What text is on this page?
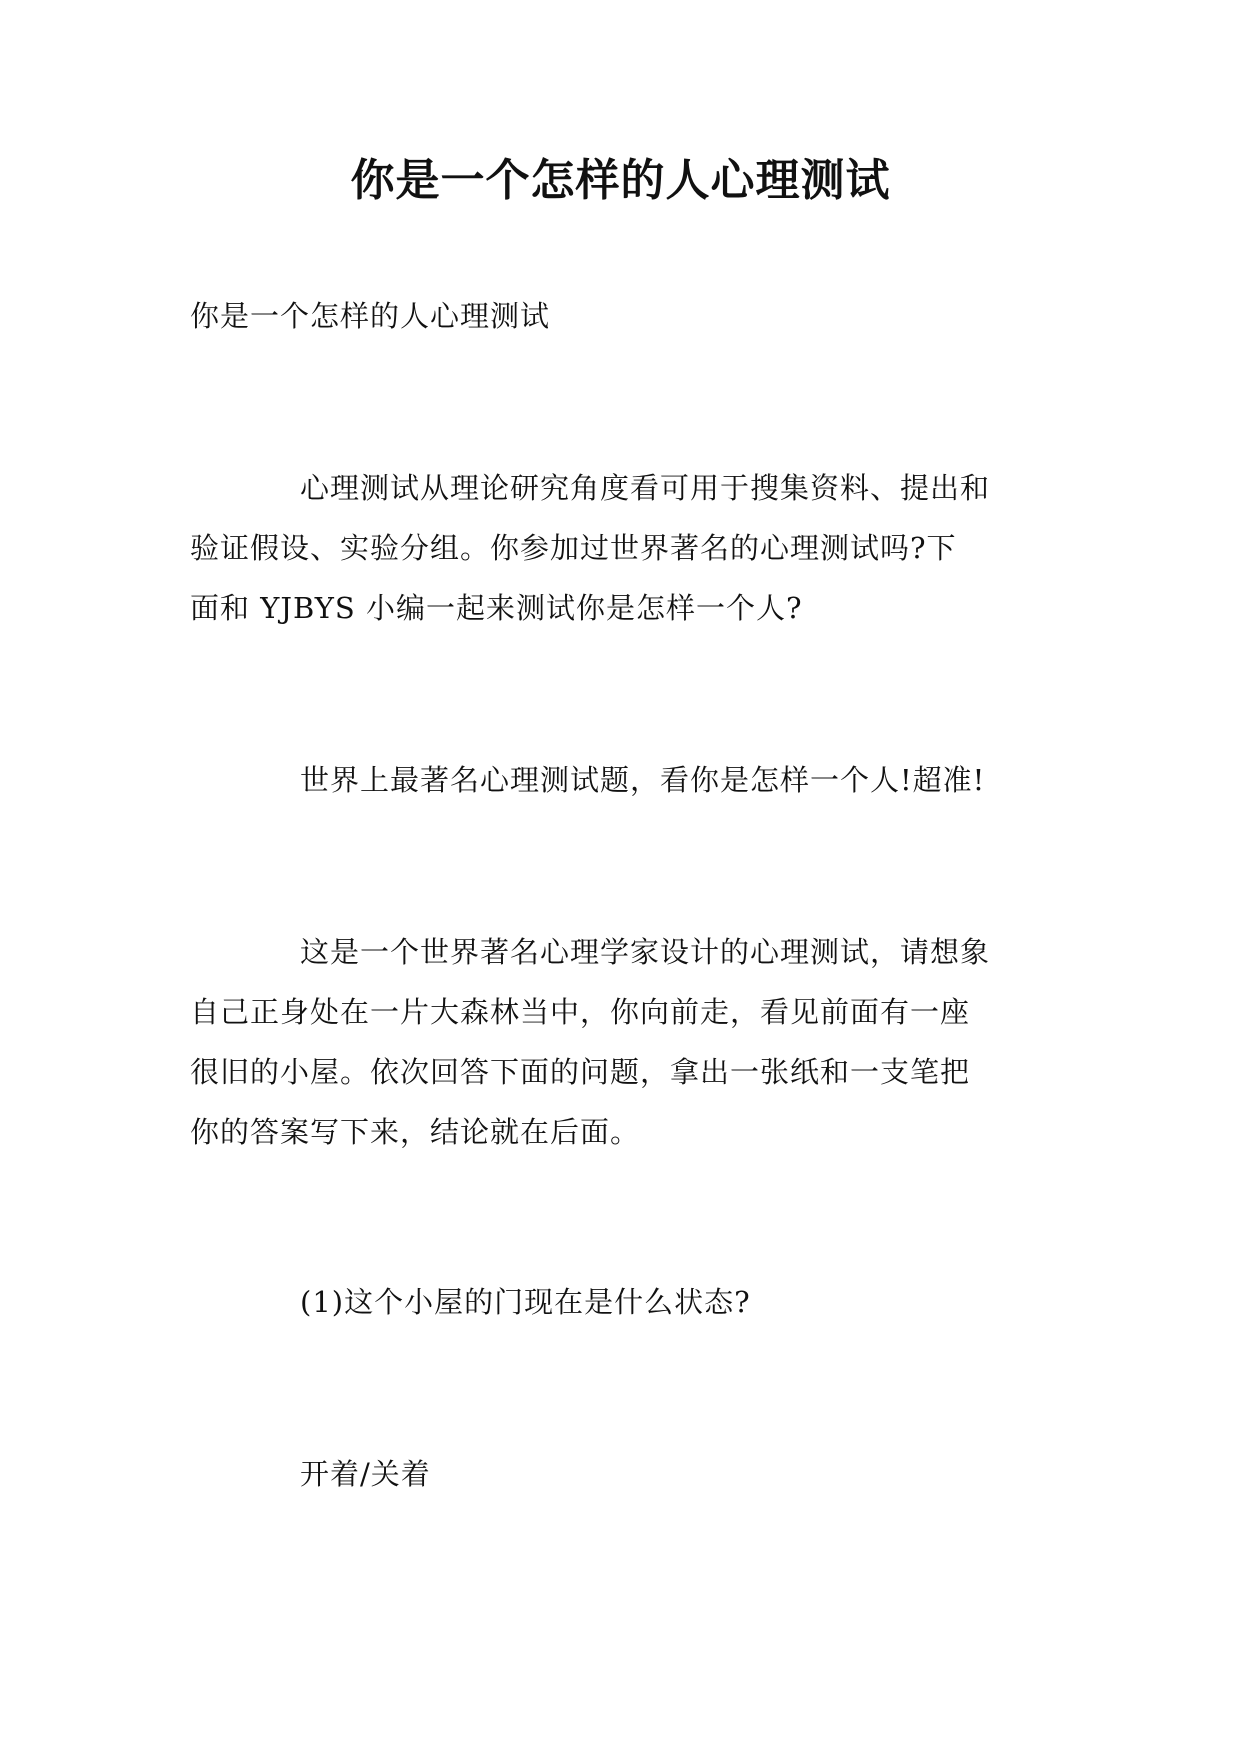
你是一个怎样的人心理测试
你是一个怎样的人心理测试
心理测试从理论研究角度看可用于搜集资料、提出和
验证假设、实验分组。你参加过世界著名的心理测试吗?下
面和 YJBYS 小编一起来测试你是怎样一个人?
世界上最著名心理测试题，看你是怎样一个人!超准!
这是一个世界著名心理学家设计的心理测试，请想象
自己正身处在一片大森林当中，你向前走，看见前面有一座
很旧的小屋。依次回答下面的问题，拿出一张纸和一支笔把
你的答案写下来，结论就在后面。
(1)这个小屋的门现在是什么状态?
开着/关着
